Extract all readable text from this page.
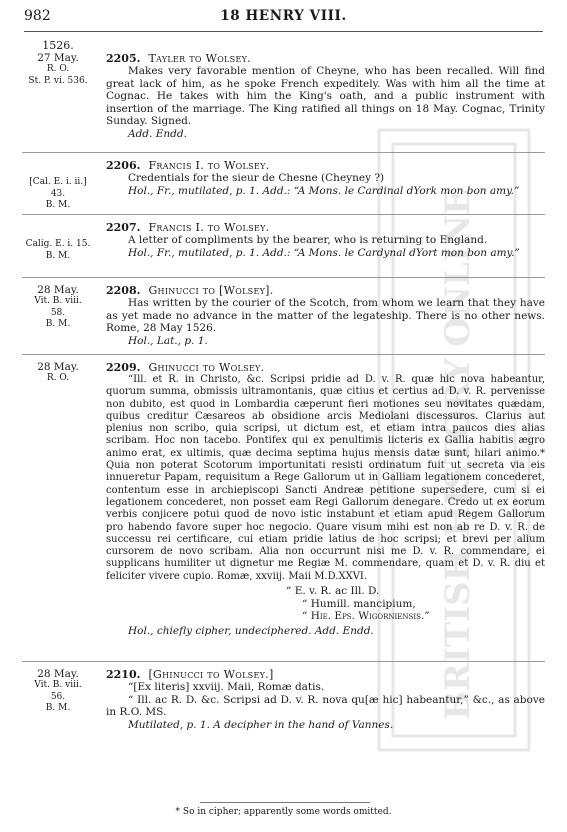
BRITISH HISTORY ONLINE
982	18 HENRY VIII.
1526.
27 May.
R. O.
St. P. vi. 536.
2205. Tayler to Wolsey.
Makes very favorable mention of Cheyne, who has been recalled. Will find great lack of him, as he spoke French expeditely. Was with him all the time at Cognac. He takes with him the King's oath, and a public instrument with insertion of the marriage. The King ratified all things on 18 May. Cognac, Trinity Sunday. Signed.
Add. Endd.
[Cal. E. i. ii.]
43.
B. M.
2206. Francis I. to Wolsey.
Credentials for the sieur de Chesne (Cheyney ?)
Hol., Fr., mutilated, p. 1. Add.: “A Mons. le Cardinal dYork mon bon amy.”
Calig. E. i. 15.
B. M.
2207. Francis I. to Wolsey.
A letter of compliments by the bearer, who is returning to England.
Hol., Fr., mutilated, p. 1. Add.: “A Mons. le Cardynal dYort mon bon amy.”
28 May.
Vit. B. viii.
58.
B. M.
2208. Ghinucci to [Wolsey].
Has written by the courier of the Scotch, from whom we learn that they have as yet made no advance in the matter of the legateship. There is no other news. Rome, 28 May 1526.
Hol., Lat., p. 1.
28 May.
R. O.
2209. Ghinucci to Wolsey.
“Ill. et R. in Christo, &c. Scripsi pridie ad D. v. R. quæ hic nova habeantur, quorum summa, obmissis ultramontanis, quæ citius et certius ad D. v. R. pervenisse non dubito, est quod in Lombardia cæperunt fieri motiones seu novitates quædam, quibus creditur Cæsareos ab obsidione arcis Mediolani discessuros. Clarius aut plenius non scribo, quia scripsi, ut dictum est, et etiam intra paucos dies alias scribam. Hoc non tacebo. Pontifex qui ex penultimis licteris ex Gallia habitis ægro animo erat, ex ultimis, quæ decima septima hujus mensis datæ sunt, hilari animo.* Quia non poterat Scotorum importunitati resisti ordinatum fuit ut secreta via eis innueretur Papam, requisitum a Rege Gallorum ut in Galliam legationem concederet, contentum esse in archiepiscopi Sancti Andreæ petitione supersedere, cum si ei legationem concederet, non posset eam Regi Gallorum denegare. Credo ut ex eorum verbis conjicere potui quod de novo istic instabunt et etiam apud Regem Gallorum pro habendo favore super hoc negocio. Quare visum mihi est non ab re D. v. R. de successu rei certificare, cui etiam pridie latius de hoc scripsi; et brevi per alium cursorem de novo scribam. Alia non occurrunt nisi me D. v. R. commendare, ei supplicans humiliter ut dignetur me Regiæ M. commendare, quam et D. v. R. diu et feliciter vivere cupio. Romæ, xxviij. Maii M.D.XXVI.
“ E. v. R. ac Ill. D.
“ Humill. mancipium,
“ Hie. Eps. Wigorniensis.”
Hol., chiefly cipher, undeciphered. Add. Endd.
28 May.
Vit. B. viii.
56.
B. M.
2210. [Ghinucci to Wolsey.]
“[Ex literis] xxviij. Maii, Romæ datis.
“ Ill. ac R. D. &c. Scripsi ad D. v. R. nova qu[æ hic] habeantur,” &c., as above in R.O. MS.
Mutilated, p. 1. A decipher in the hand of Vannes.
* So in cipher; apparently some words omitted.
